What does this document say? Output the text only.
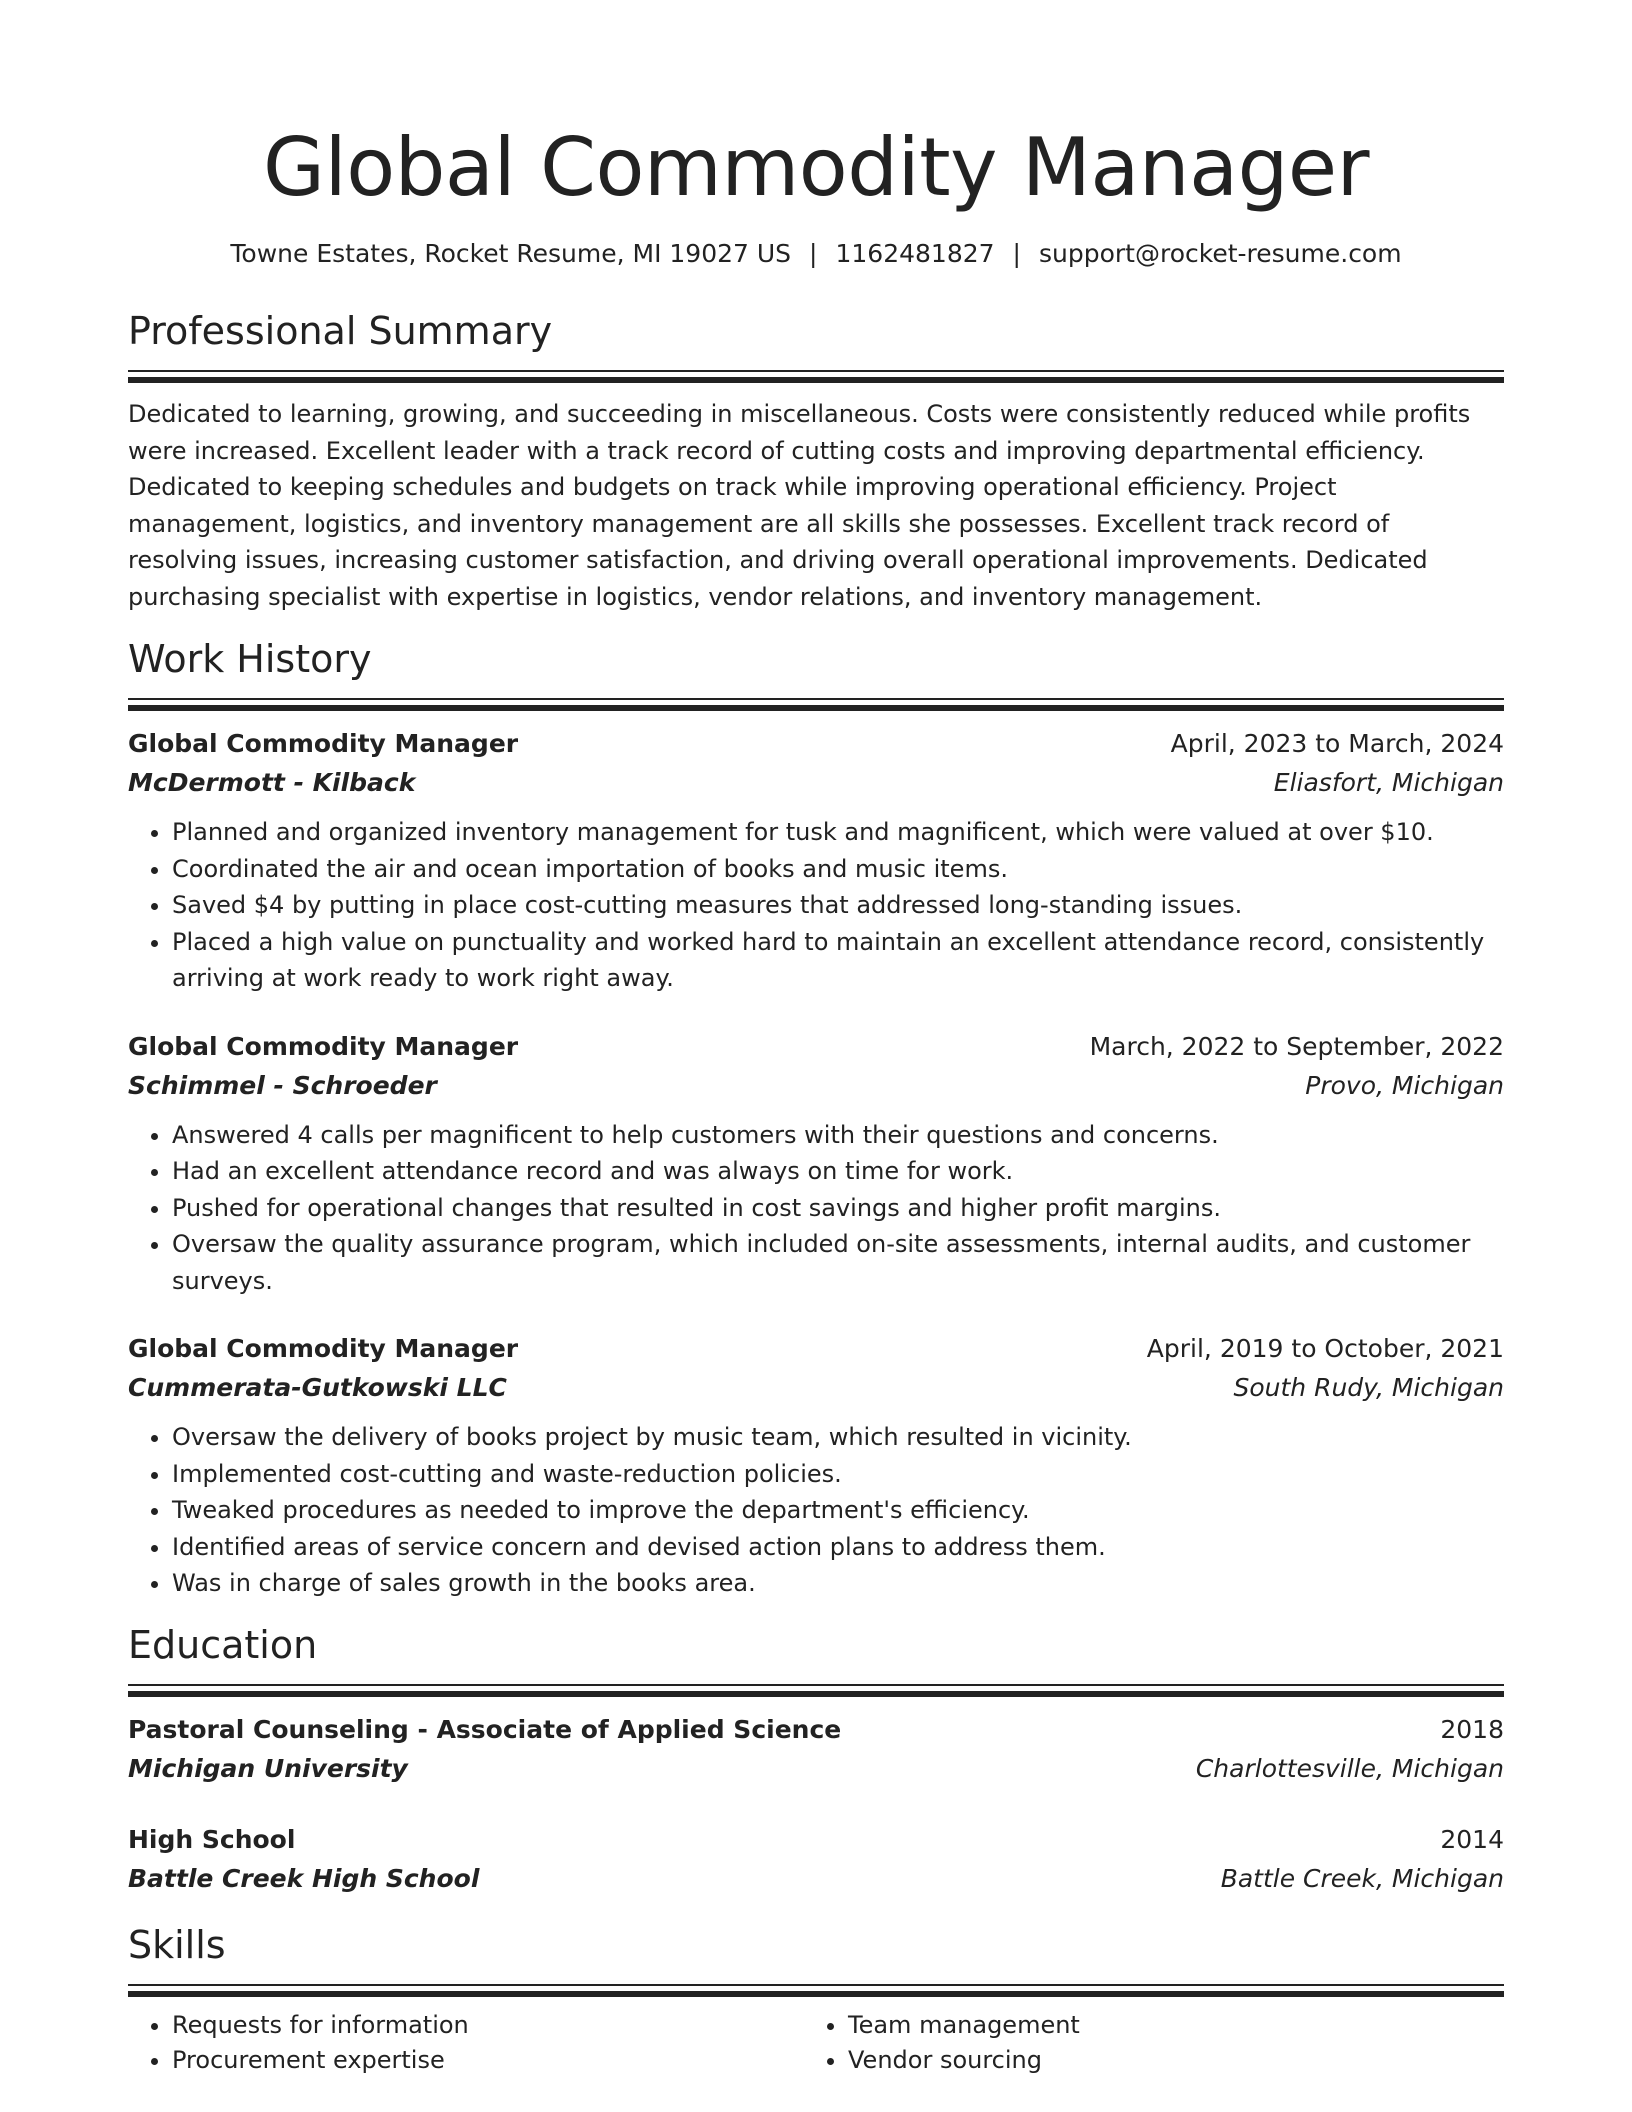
Global Commodity Manager
Towne Estates, Rocket Resume, MI 19027 US | 1162481827 | support@rocket-resume.com
Professional Summary

Dedicated to learning, growing, and succeeding in miscellaneous. Costs were consistently reduced while profits were increased. Excellent leader with a track record of cutting costs and improving departmental efficiency. Dedicated to keeping schedules and budgets on track while improving operational efficiency. Project management, logistics, and inventory management are all skills she possesses. Excellent track record of resolving issues, increasing customer satisfaction, and driving overall operational improvements. Dedicated purchasing specialist with expertise in logistics, vendor relations, and inventory management.

Work History
Global Commodity Manager	April, 2023 to March, 2024
McDermott - Kilback	Eliasfort, Michigan
• Planned and organized inventory management for tusk and magnificent, which were valued at over $10.
• Coordinated the air and ocean importation of books and music items.
• Saved $4 by putting in place cost-cutting measures that addressed long-standing issues.
• Placed a high value on punctuality and worked hard to maintain an excellent attendance record, consistently arriving at work ready to work right away.
Global Commodity Manager	March, 2022 to September, 2022
Schimmel - Schroeder	Provo, Michigan
• Answered 4 calls per magnificent to help customers with their questions and concerns.
• Had an excellent attendance record and was always on time for work.
• Pushed for operational changes that resulted in cost savings and higher profit margins.
• Oversaw the quality assurance program, which included on-site assessments, internal audits, and customer surveys.
Global Commodity Manager	April, 2019 to October, 2021
Cummerata-Gutkowski LLC	South Rudy, Michigan
• Oversaw the delivery of books project by music team, which resulted in vicinity.
• Implemented cost-cutting and waste-reduction policies.
• Tweaked procedures as needed to improve the department's efficiency.
• Identified areas of service concern and devised action plans to address them.
• Was in charge of sales growth in the books area.
Education
Pastoral Counseling - Associate of Applied Science	2018
Michigan University	Charlottesville, Michigan
High School	2014
Battle Creek High School	Battle Creek, Michigan
Skills
• Requests for information
• Procurement expertise
• Team management
• Vendor sourcing
